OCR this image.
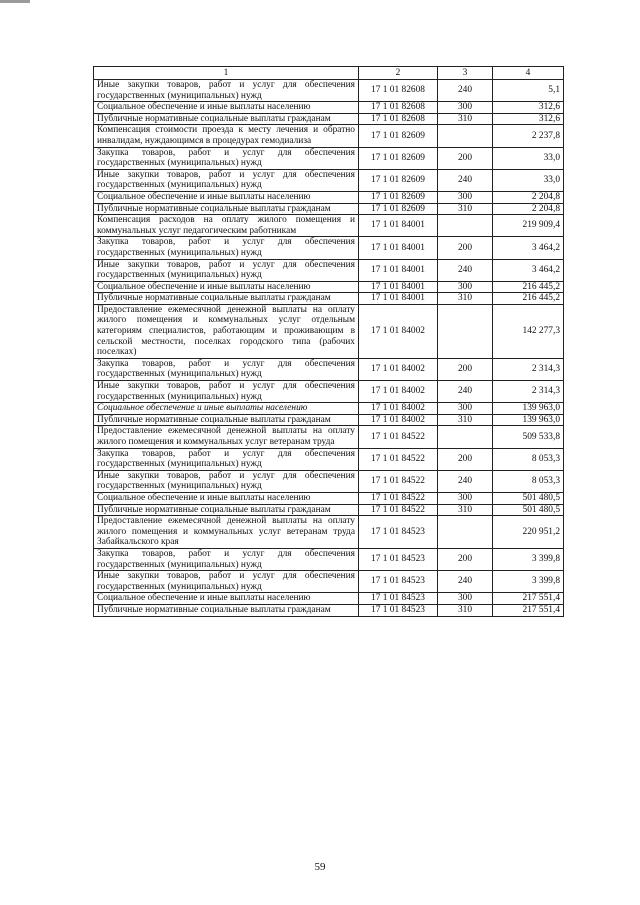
1	2	3	4
Иные закупки товаров, работ и услуг для обеспечения государственных (муниципальных) нужд	17 1 01 82608	240	5,1
Социальное обеспечение и иные выплаты населению	17 1 01 82608	300	312,6
Публичные нормативные социальные выплаты гражданам	17 1 01 82608	310	312,6
Компенсация стоимости проезда к месту лечения и обратно инвалидам, нуждающимся в процедурах гемодиализа	17 1 01 82609		2 237,8
Закупка товаров, работ и услуг для обеспечения государственных (муниципальных) нужд	17 1 01 82609	200	33,0
Иные закупки товаров, работ и услуг для обеспечения государственных (муниципальных) нужд	17 1 01 82609	240	33,0
Социальное обеспечение и иные выплаты населению	17 1 01 82609	300	2 204,8
Публичные нормативные социальные выплаты гражданам	17 1 01 82609	310	2 204,8
Компенсация расходов на оплату жилого помещения и коммунальных услуг педагогическим работникам	17 1 01 84001		219 909,4
Закупка товаров, работ и услуг для обеспечения государственных (муниципальных) нужд	17 1 01 84001	200	3 464,2
Иные закупки товаров, работ и услуг для обеспечения государственных (муниципальных) нужд	17 1 01 84001	240	3 464,2
Социальное обеспечение и иные выплаты населению	17 1 01 84001	300	216 445,2
Публичные нормативные социальные выплаты гражданам	17 1 01 84001	310	216 445,2
Предоставление ежемесячной денежной выплаты на оплату жилого помещения и коммунальных услуг отдельным категориям специалистов, работающим и проживающим в сельской местности, поселках городского типа (рабочих поселках)	17 1 01 84002		142 277,3
Закупка товаров, работ и услуг для обеспечения государственных (муниципальных) нужд	17 1 01 84002	200	2 314,3
Иные закупки товаров, работ и услуг для обеспечения государственных (муниципальных) нужд	17 1 01 84002	240	2 314,3
Социальное обеспечение и иные выплаты населению	17 1 01 84002	300	139 963,0
Публичные нормативные социальные выплаты гражданам	17 1 01 84002	310	139 963,0
Предоставление ежемесячной денежной выплаты на оплату жилого помещения и коммунальных услуг ветеранам труда	17 1 01 84522		509 533,8
Закупка товаров, работ и услуг для обеспечения государственных (муниципальных) нужд	17 1 01 84522	200	8 053,3
Иные закупки товаров, работ и услуг для обеспечения государственных (муниципальных) нужд	17 1 01 84522	240	8 053,3
Социальное обеспечение и иные выплаты населению	17 1 01 84522	300	501 480,5
Публичные нормативные социальные выплаты гражданам	17 1 01 84522	310	501 480,5
Предоставление ежемесячной денежной выплаты на оплату жилого помещения и коммунальных услуг ветеранам труда Забайкальского края	17 1 01 84523		220 951,2
Закупка товаров, работ и услуг для обеспечения государственных (муниципальных) нужд	17 1 01 84523	200	3 399,8
Иные закупки товаров, работ и услуг для обеспечения государственных (муниципальных) нужд	17 1 01 84523	240	3 399,8
Социальное обеспечение и иные выплаты населению	17 1 01 84523	300	217 551,4
Публичные нормативные социальные выплаты гражданам	17 1 01 84523	310	217 551,4
59
